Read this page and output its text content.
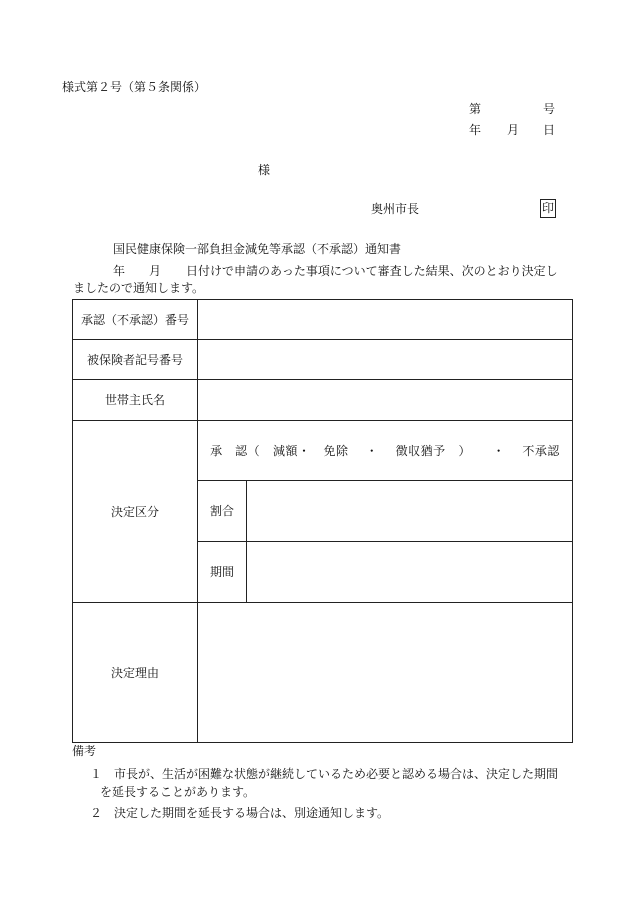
様式第２号（第５条関係）
第	号
年 月 日
様
奥州市長	印
国民健康保険一部負担金減免等承認（不承認）通知書
年 月 日付けで申請のあった事項について審査した結果、次のとおり決定し
ましたので通知します。
承認（不承認）番号		
被保険者記号番号		
世帯主氏名		
決定区分	承　認（ 減額・ 免除 ・ 徴収猶予 ） ・ 不承認	
	割合	
	期間	
決定理由		
備考
１　市長が、生活が困難な状態が継続しているため必要と認める場合は、決定した期間
を延長することがあります。
２　決定した期間を延長する場合は、別途通知します。
